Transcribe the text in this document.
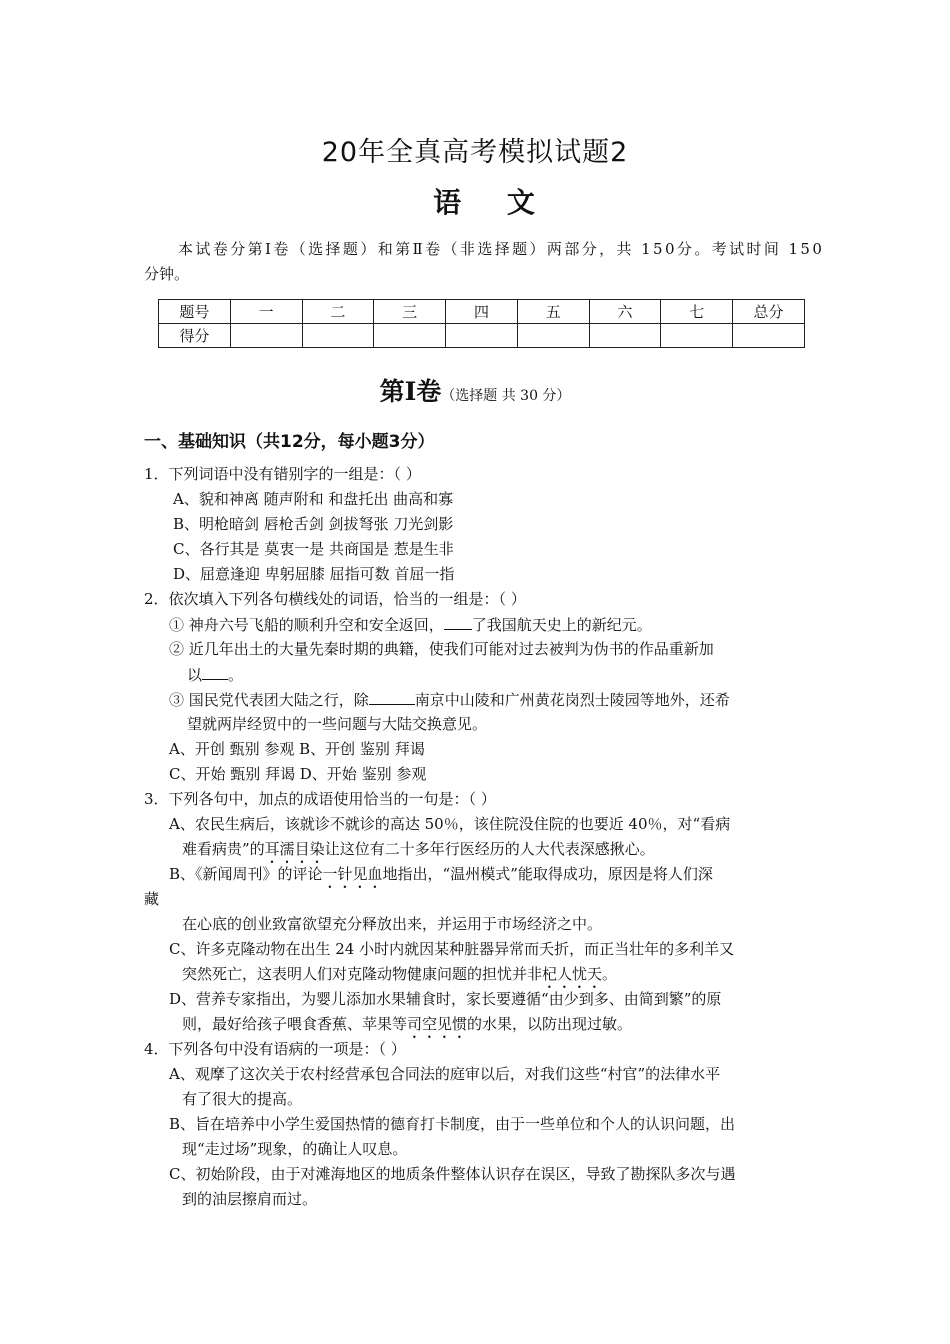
20年全真高考模拟试题2
语 文
本试卷分第Ⅰ卷（选择题）和第Ⅱ卷（非选择题）两部分，共 150分。考试时间 150
分钟。
题号	一	二	三	四	五	六	七	总分
得分								
第Ⅰ卷（选择题 共 30 分）
一、基础知识（共12分，每小题3分）
1．下列词语中没有错别字的一组是：（ ）
A、貌和神离 随声附和 和盘托出 曲高和寡
B、明枪暗剑 唇枪舌剑 剑拔弩张 刀光剑影
C、各行其是 莫衷一是 共商国是 惹是生非
D、屈意逢迎 卑躬屈膝 屈指可数 首屈一指
2．依次填入下列各句横线处的词语，恰当的一组是：（ ）
① 神舟六号飞船的顺利升空和安全返回， 了我国航天史上的新纪元。
② 近几年出土的大量先秦时期的典籍，使我们可能对过去被判为伪书的作品重新加
以 。
③ 国民党代表团大陆之行，除	南京中山陵和广州黄花岗烈士陵园等地外，还希
望就两岸经贸中的一些问题与大陆交换意见。
A、开创 甄别 参观 B、开创 鉴别 拜谒
C、开始 甄别 拜谒 D、开始 鉴别 参观
3．下列各句中，加点的成语使用恰当的一句是：（ ）
A、农民生病后，该就诊不就诊的高达 50％，该住院没住院的也要近 40％，对“看病
难看病贵”的耳濡目染让这位有二十多年行医经历的人大代表深感揪心。
B、《新闻周刊》的评论一针见血地指出，“温州模式”能取得成功，原因是将人们深
藏
在心底的创业致富欲望充分释放出来，并运用于市场经济之中。
C、许多克隆动物在出生 24 小时内就因某种脏器异常而夭折，而正当壮年的多利羊又
突然死亡，这表明人们对克隆动物健康问题的担忧并非杞人忧天。
D、营养专家指出，为婴儿添加水果辅食时，家长要遵循“由少到多、由简到繁”的原
则，最好给孩子喂食香蕉、苹果等司空见惯的水果，以防出现过敏。
4．下列各句中没有语病的一项是：（ ）
A、观摩了这次关于农村经营承包合同法的庭审以后，对我们这些“村官”的法律水平
有了很大的提高。
B、旨在培养中小学生爱国热情的德育打卡制度，由于一些单位和个人的认识问题，出
现“走过场”现象，的确让人叹息。
C、初始阶段，由于对滩海地区的地质条件整体认识存在误区，导致了勘探队多次与遇
到的油层擦肩而过。
